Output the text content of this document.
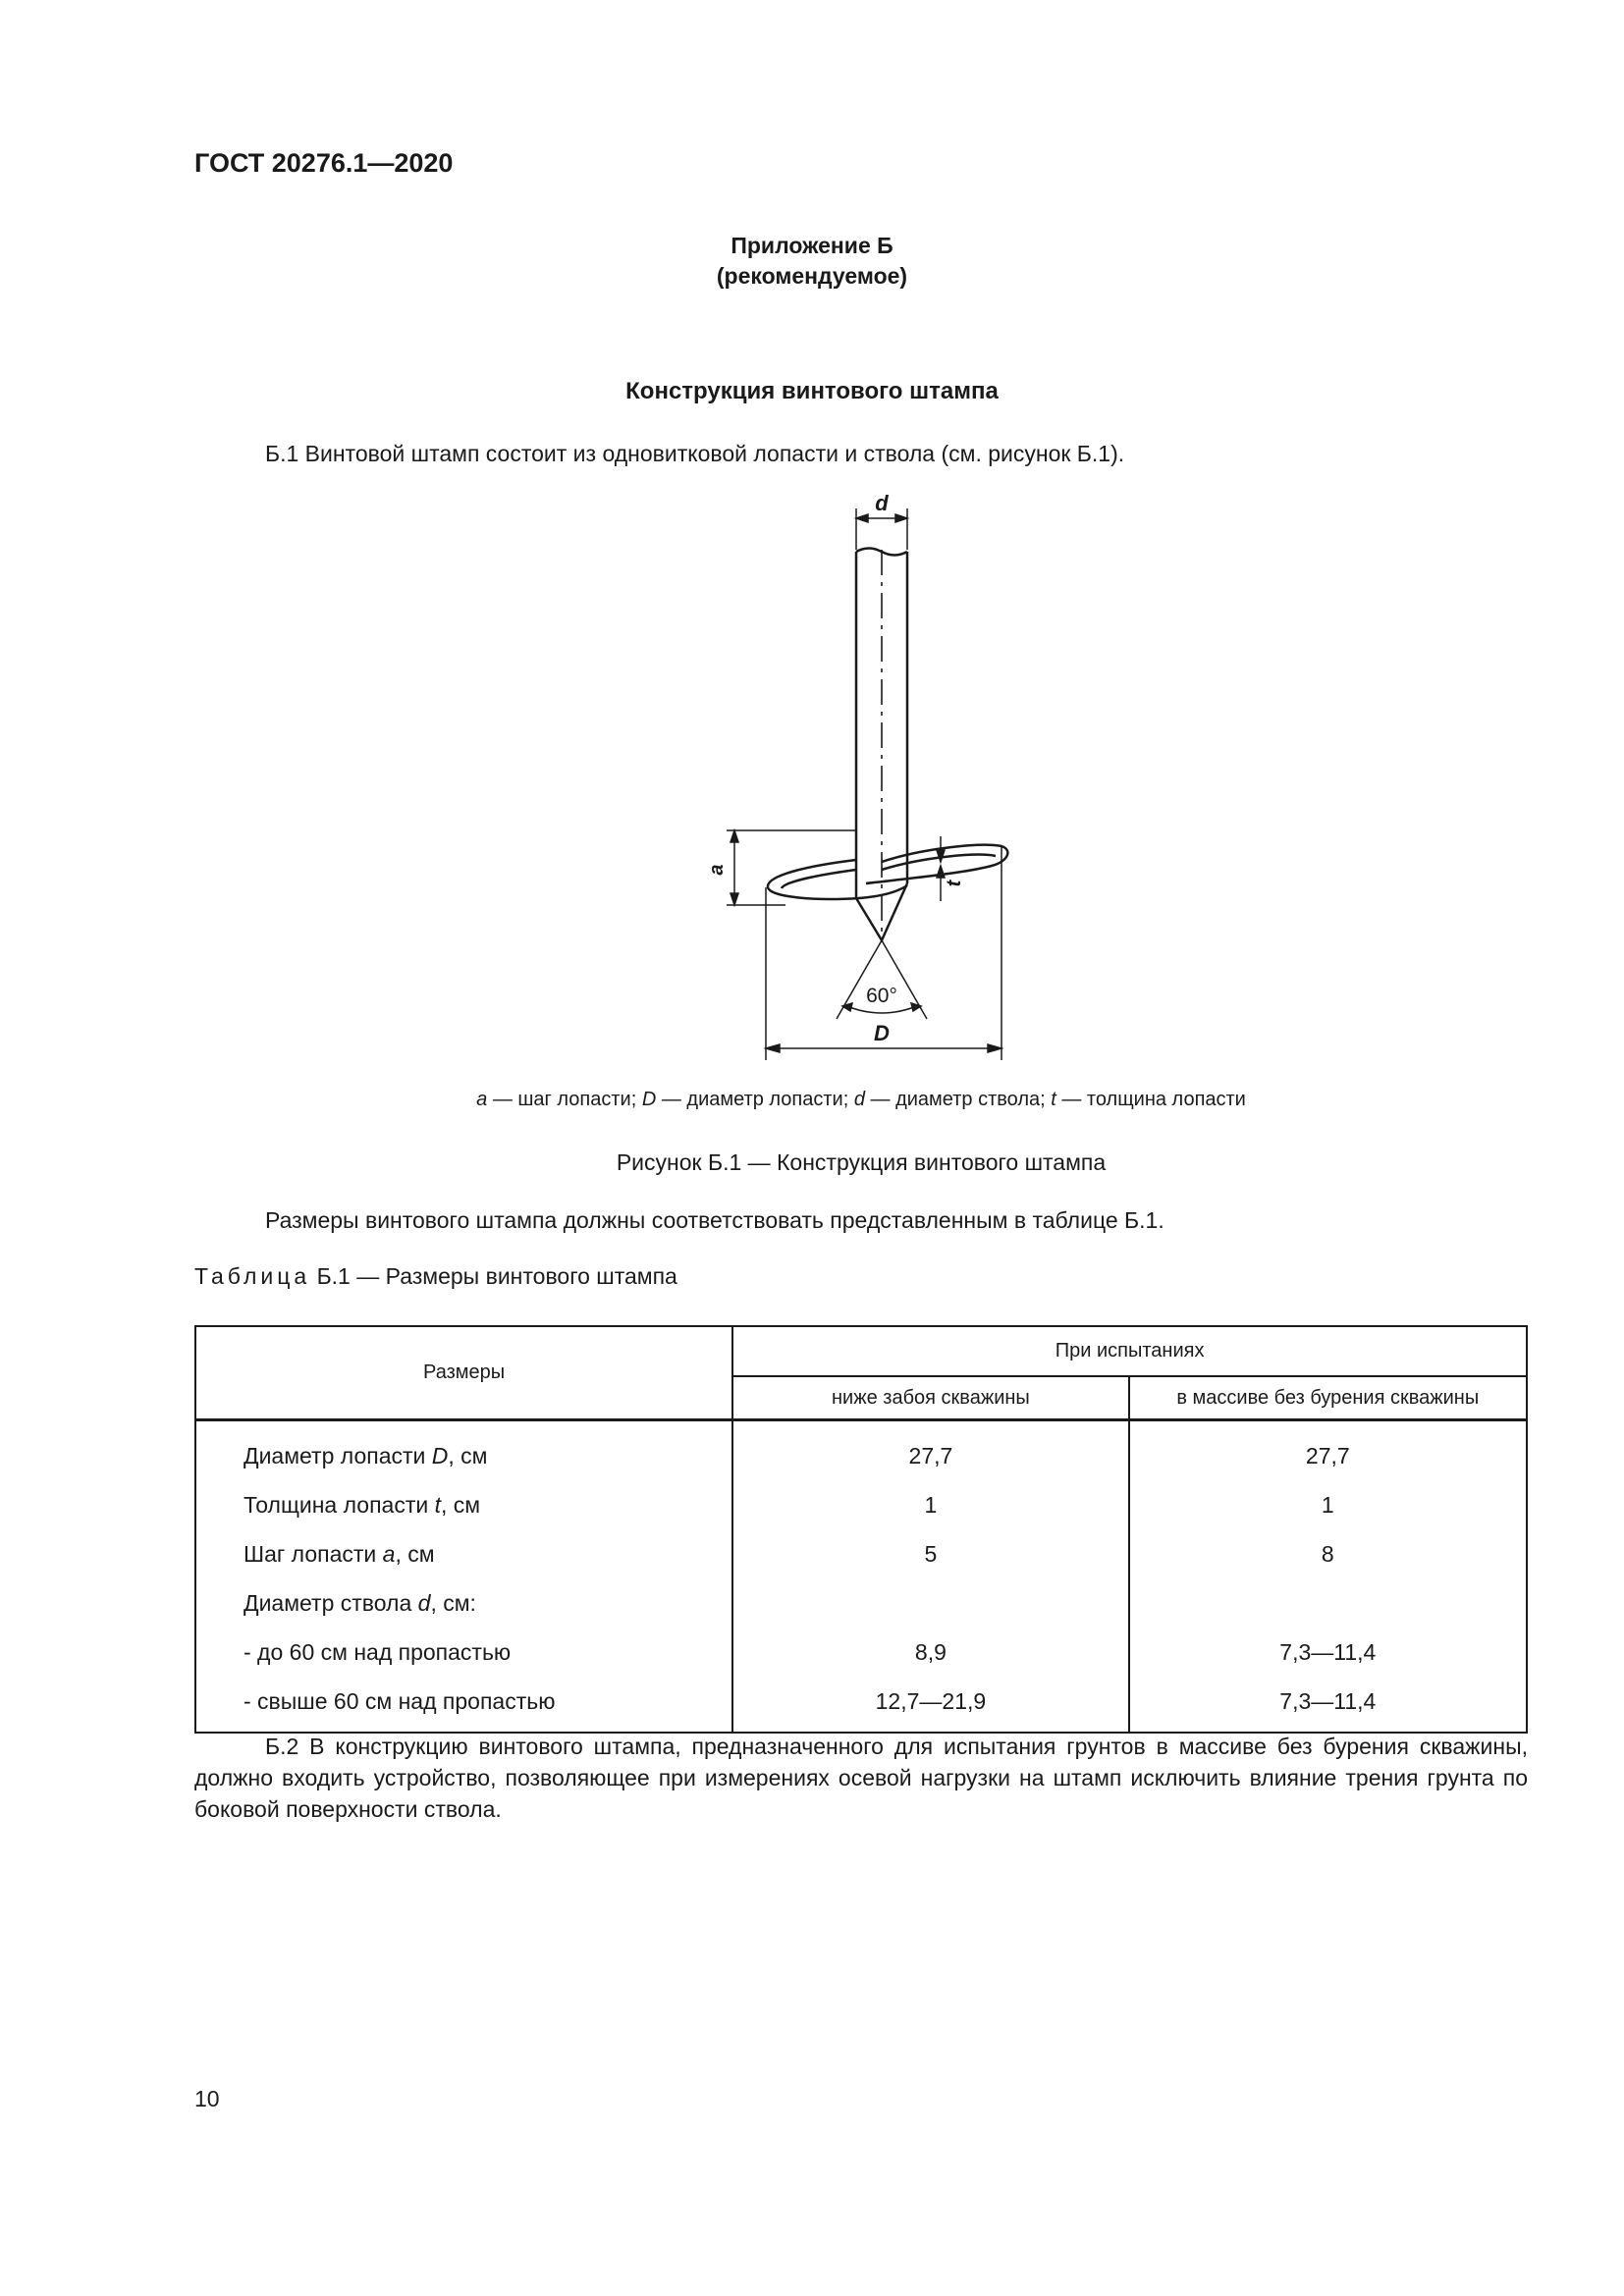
ГОСТ 20276.1—2020
Приложение Б
(рекомендуемое)
Конструкция винтового штампа
Б.1 Винтовой штамп состоит из одновитковой лопасти и ствола (см. рисунок Б.1).
d
a
t
60°
D
a — шаг лопасти; D — диаметр лопасти; d — диаметр ствола; t — толщина лопасти
Рисунок Б.1 — Конструкция винтового штампа
Размеры винтового штампа должны соответствовать представленным в таблице Б.1.
Таблица Б.1 — Размеры винтового штампа
Размеры	При испытаниях	
	ниже забоя скважины	в массиве без бурения скважины
Диаметр лопасти D, см	27,7	27,7
Толщина лопасти t, см	1	1
Шаг лопасти a, см	5	8
Диаметр ствола d, см:		
- до 60 см над пропастью	8,9	7,3—11,4
- свыше 60 см над пропастью	12,7—21,9	7,3—11,4
Б.2 В конструкцию винтового штампа, предназначенного для испытания грунтов в массиве без бурения скважины, должно входить устройство, позволяющее при измерениях осевой нагрузки на штамп исключить влияние трения грунта по боковой поверхности ствола.
10
